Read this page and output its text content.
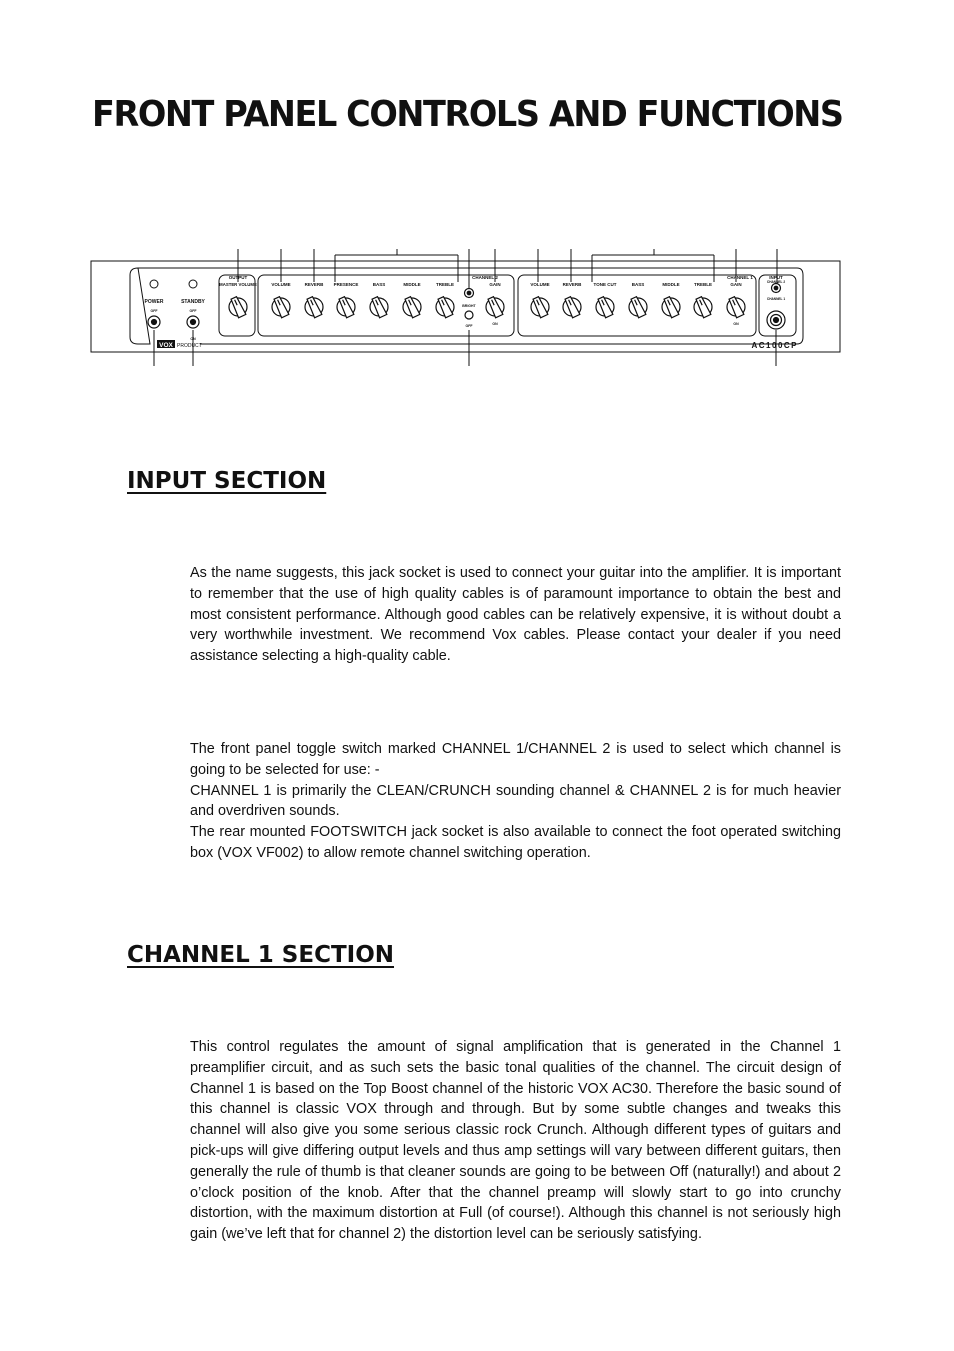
FRONT PANEL CONTROLS AND FUNCTIONS
POWER
OFF
STANDBY
OFF
ON
OUTPUT
MASTER VOLUME
CHANNEL 2	CHANNEL 1	INPUT
CHANNEL 2
CHANNEL 1
BRIGHT
OFF
GAIN
ON
GAIN
ON
VOLUME	REVERB PRESENCE	BASS	MIDDLE	TREBLE	VOLUME	REVERB	TONE CUT	BASS	MIDDLE	TREBLE
VOX PRODUCT	AC100CP
INPUT SECTION

As the name suggests, this jack socket is used to connect your guitar into the amplifier. It is important to remember that the use of high quality cables is of paramount importance to obtain the best and most consistent performance. Although good cables can be relatively expensive, it is without doubt a very worthwhile investment. We recommend Vox cables. Please contact your dealer if you need assistance selecting a high-quality cable.

The front panel toggle switch marked CHANNEL 1/CHANNEL 2 is used to select which channel is going to be selected for use: -
CHANNEL 1 is primarily the CLEAN/CRUNCH sounding channel & CHANNEL 2 is for much heavier and overdriven sounds.
The rear mounted FOOTSWITCH jack socket is also available to connect the foot operated switching box (VOX VF002) to allow remote channel switching operation.

CHANNEL 1 SECTION

This control regulates the amount of signal amplification that is generated in the Channel 1 preamplifier circuit, and as such sets the basic tonal qualities of the channel. The circuit design of Channel 1 is based on the Top Boost channel of the historic VOX AC30. Therefore the basic sound of this channel is classic VOX through and through. But by some subtle changes and tweaks this channel will also give you some serious classic rock Crunch. Although different types of guitars and pick-ups will give differing output levels and thus amp settings will vary between different guitars, then generally the rule of thumb is that cleaner sounds are going to be between Off (naturally!) and about 2 o’clock position of the knob. After that the channel preamp will slowly start to go into crunchy distortion, with the maximum distortion at Full (of course!). Although this channel is not seriously high gain (we’ve left that for channel 2) the distortion level can be seriously satisfying.
